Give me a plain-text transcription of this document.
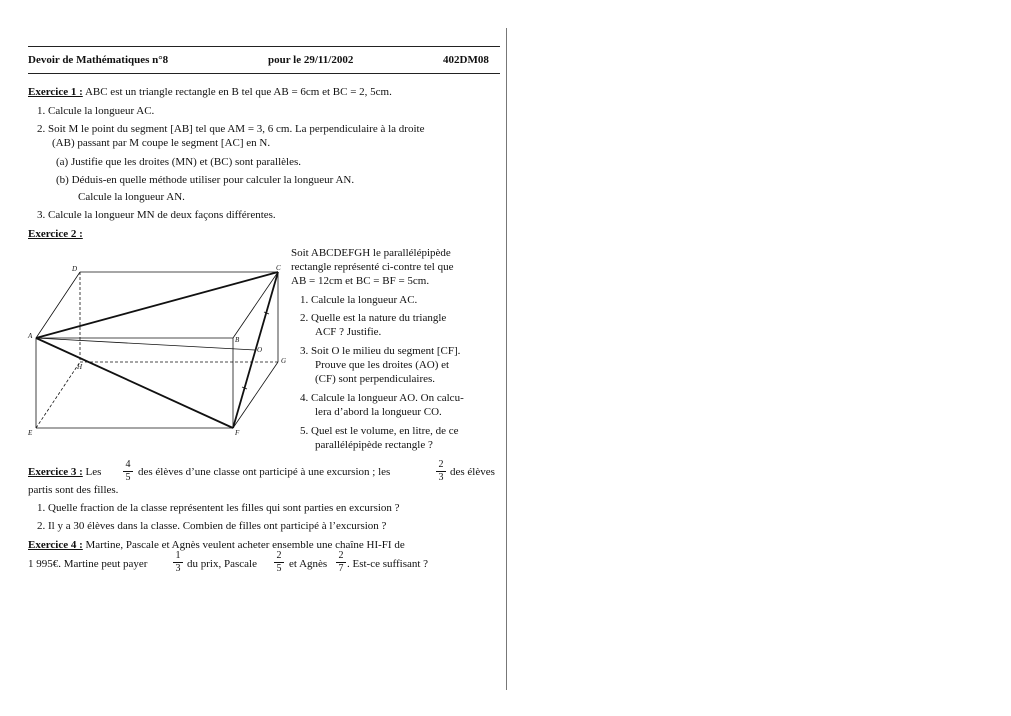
Devoir de Mathématiques n°8	pour le 29/11/2002	402DM08
Exercice 1 : ABC est un triangle rectangle en B tel que AB = 6cm et BC = 2, 5cm.
1. Calcule la longueur AC.
2. Soit M le point du segment [AB] tel que AM = 3, 6 cm. La perpendiculaire à la droite
(AB) passant par M coupe le segment [AC] en N.
(a) Justifie que les droites (MN) et (BC) sont parallèles.
(b) Déduis-en quelle méthode utiliser pour calculer la longueur AN.
Calcule la longueur AN.
3. Calcule la longueur MN de deux façons différentes.
Exercice 2 :
Soit ABCDEFGH le parallélépipède
rectangle représenté ci-contre tel que
AB = 12cm et BC = BF = 5cm.
1. Calcule la longueur AC.
2. Quelle est la nature du triangle
ACF ? Justifie.
3. Soit O le milieu du segment [CF].
Prouve que les droites (AO) et
(CF) sont perpendiculaires.
4. Calcule la longueur AO. On calcu-
lera d’abord la longueur CO.
5. Quel est le volume, en litre, de ce
parallélépipède rectangle ?
D	C
A	B
O
G
H
E	F
Exercice 3 : Les
4
5 des élèves d’une classe ont participé à une excursion ; les
2
3 des élèves
partis sont des filles.
1. Quelle fraction de la classe représentent les filles qui sont parties en excursion ?
2. Il y a 30 élèves dans la classe. Combien de filles ont participé à l’excursion ?
Exercice 4 : Martine, Pascale et Agnès veulent acheter ensemble une chaîne HI-FI de
1 995€. Martine peut payer
1
3 du prix, Pascale
2
5 et Agnès
2
7 . Est-ce suffisant ?
